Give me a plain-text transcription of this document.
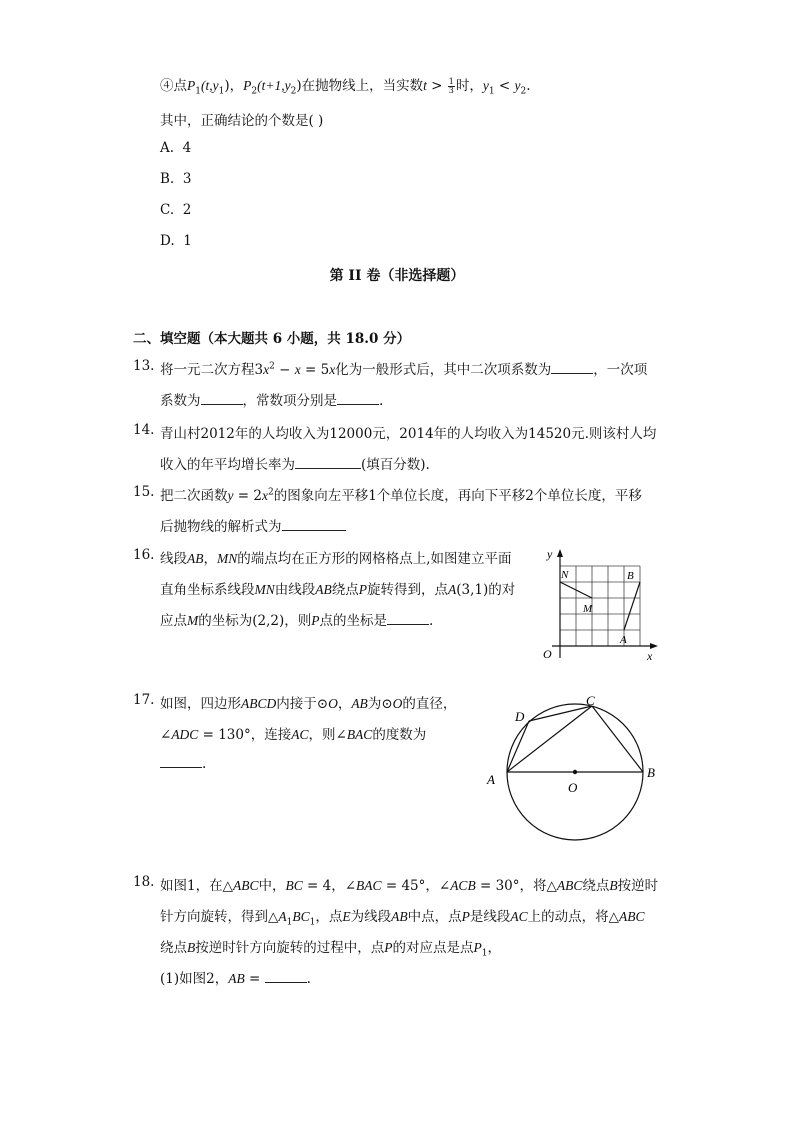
④点$P_1(t,y_1)$，$P_2(t+1,y_2)$在抛物线上，当实数$t > \frac{1}{3}$ 时，$y_1 < y_2$.
其中，正确结论的个数是( )
A. 4
B. 3
C. 2
D. 1
第 II 卷（非选择题）
二、填空题（本大题共 6 小题，共 18.0 分）
13. 将一元二次方程$3x^2 - x = 5x$化为一般形式后，其中二次项系数为	，一次项
系数为	，常数项分别是	.
14. 青山村2012年的人均收入为12000元，2014年的人均收入为14520元.则该村人均
收入的年平均增长率为	(填百分数).
15. 把二次函数$y = 2x^2$的图象向左平移1个单位长度，再向下平移2个单位长度，平移
后抛物线的解析式为
16. 线段AB，MN的端点均在正方形的网格格点上,如图建立平面
直角坐标系线段MN由线段AB绕点P旋转得到，点A(3,1)的对
应点M的坐标为(2,2)，则P点的坐标是	.
y
x
O
N
M
B
A
17. 如图，四边形ABCD内接于⊙O，AB为⊙O的直径，
∠ADC = 130°，连接AC，则∠BAC的度数为
.
A	B
C
D
O
18. 如图1，在△ABC中，BC = 4，∠BAC = 45°，∠ACB = 30°，将△ABC绕点B按逆时
针方向旋转，得到$\triangle A_1BC_1$，点E为线段AB中点，点P是线段AC上的动点，将△ABC
绕点B按逆时针方向旋转的过程中，点P的对应点是点$P_1$，
(1)如图2，AB =	.
